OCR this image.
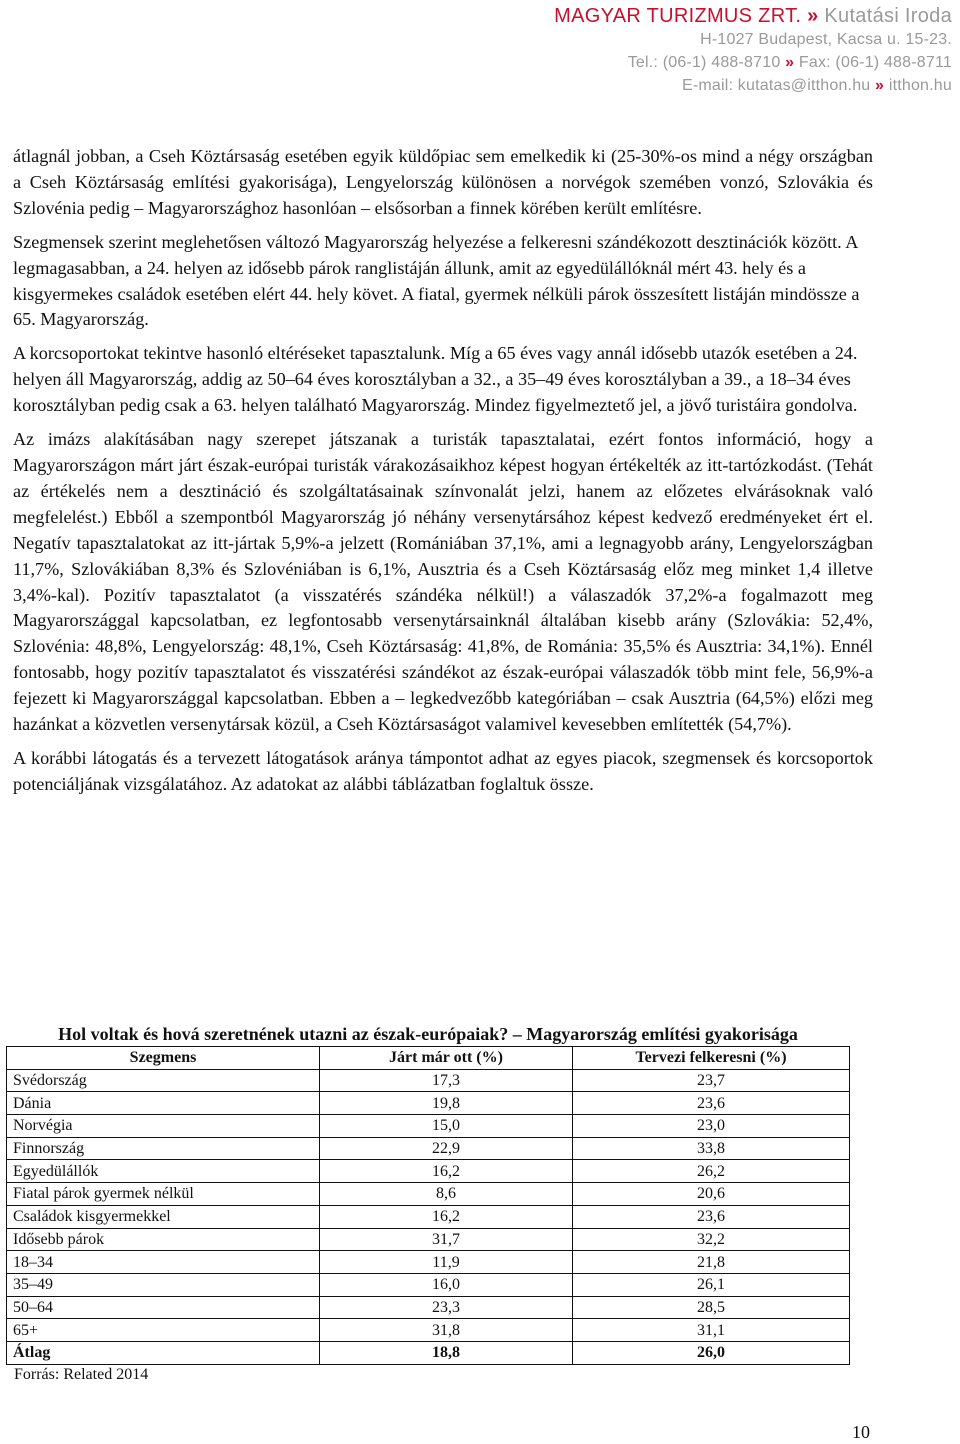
MAGYAR TURIZMUS ZRT. » Kutatási Iroda
H-1027 Budapest, Kacsa u. 15-23.
Tel.: (06-1) 488-8710 » Fax: (06-1) 488-8711
E-mail: kutatas@itthon.hu » itthon.hu

átlagnál jobban, a Cseh Köztársaság esetében egyik küldőpiac sem emelkedik ki (25-30%-os mind a négy országban a Cseh Köztársaság említési gyakorisága), Lengyelország különösen a norvégok szemében vonzó, Szlovákia és Szlovénia pedig – Magyarországhoz hasonlóan – elsősorban a finnek körében került említésre.

Szegmensek szerint meglehetősen változó Magyarország helyezése a felkeresni szándékozott desztinációk között. A legmagasabban, a 24. helyen az idősebb párok ranglistáján állunk, amit az egyedülállóknál mért 43. hely és a kisgyermekes családok esetében elért 44. hely követ. A fiatal, gyermek nélküli párok összesített listáján mindössze a 65. Magyarország.

A korcsoportokat tekintve hasonló eltéréseket tapasztalunk. Míg a 65 éves vagy annál idősebb utazók esetében a 24. helyen áll Magyarország, addig az 50‒64 éves korosztályban a 32., a 35‒49 éves korosztályban a 39., a 18‒34 éves korosztályban pedig csak a 63. helyen található Magyarország. Mindez figyelmeztető jel, a jövő turistáira gondolva.

Az imázs alakításában nagy szerepet játszanak a turisták tapasztalatai, ezért fontos információ, hogy a Magyarországon márt járt észak-európai turisták várakozásaikhoz képest hogyan értékelték az itt-tartózkodást. (Tehát az értékelés nem a desztináció és szolgáltatásainak színvonalát jelzi, hanem az előzetes elvárásoknak való megfelelést.) Ebből a szempontból Magyarország jó néhány versenytársához képest kedvező eredményeket ért el. Negatív tapasztalatokat az itt-jártak 5,9%-a jelzett (Romániában 37,1%, ami a legnagyobb arány, Lengyelországban 11,7%, Szlovákiában 8,3% és Szlovéniában is 6,1%, Ausztria és a Cseh Köztársaság előz meg minket 1,4 illetve 3,4%-kal). Pozitív tapasztalatot (a visszatérés szándéka nélkül!) a válaszadók 37,2%-a fogalmazott meg Magyarországgal kapcsolatban, ez legfontosabb versenytársainknál általában kisebb arány (Szlovákia: 52,4%, Szlovénia: 48,8%, Lengyelország: 48,1%, Cseh Köztársaság: 41,8%, de Románia: 35,5% és Ausztria: 34,1%). Ennél fontosabb, hogy pozitív tapasztalatot és visszatérési szándékot az észak-európai válaszadók több mint fele, 56,9%-a fejezett ki Magyarországgal kapcsolatban. Ebben a – legkedvezőbb kategóriában – csak Ausztria (64,5%) előzi meg hazánkat a közvetlen versenytársak közül, a Cseh Köztársaságot valamivel kevesebben említették (54,7%).

A korábbi látogatás és a tervezett látogatások aránya támpontot adhat az egyes piacok, szegmensek és korcsoportok potenciáljának vizsgálatához. Az adatokat az alábbi táblázatban foglaltuk össze.

Hol voltak és hová szeretnének utazni az észak-európaiak? – Magyarország említési gyakorisága
Szegmens	Járt már ott (%)	Tervezi felkeresni (%)
Svédország	17,3	23,7
Dánia	19,8	23,6
Norvégia	15,0	23,0
Finnország	22,9	33,8
Egyedülállók	16,2	26,2
Fiatal párok gyermek nélkül	8,6	20,6
Családok kisgyermekkel	16,2	23,6
Idősebb párok	31,7	32,2
18‒34	11,9	21,8
35‒49	16,0	26,1
50‒64	23,3	28,5
65+	31,8	31,1
Átlag	18,8	26,0
Forrás: Related 2014
10
